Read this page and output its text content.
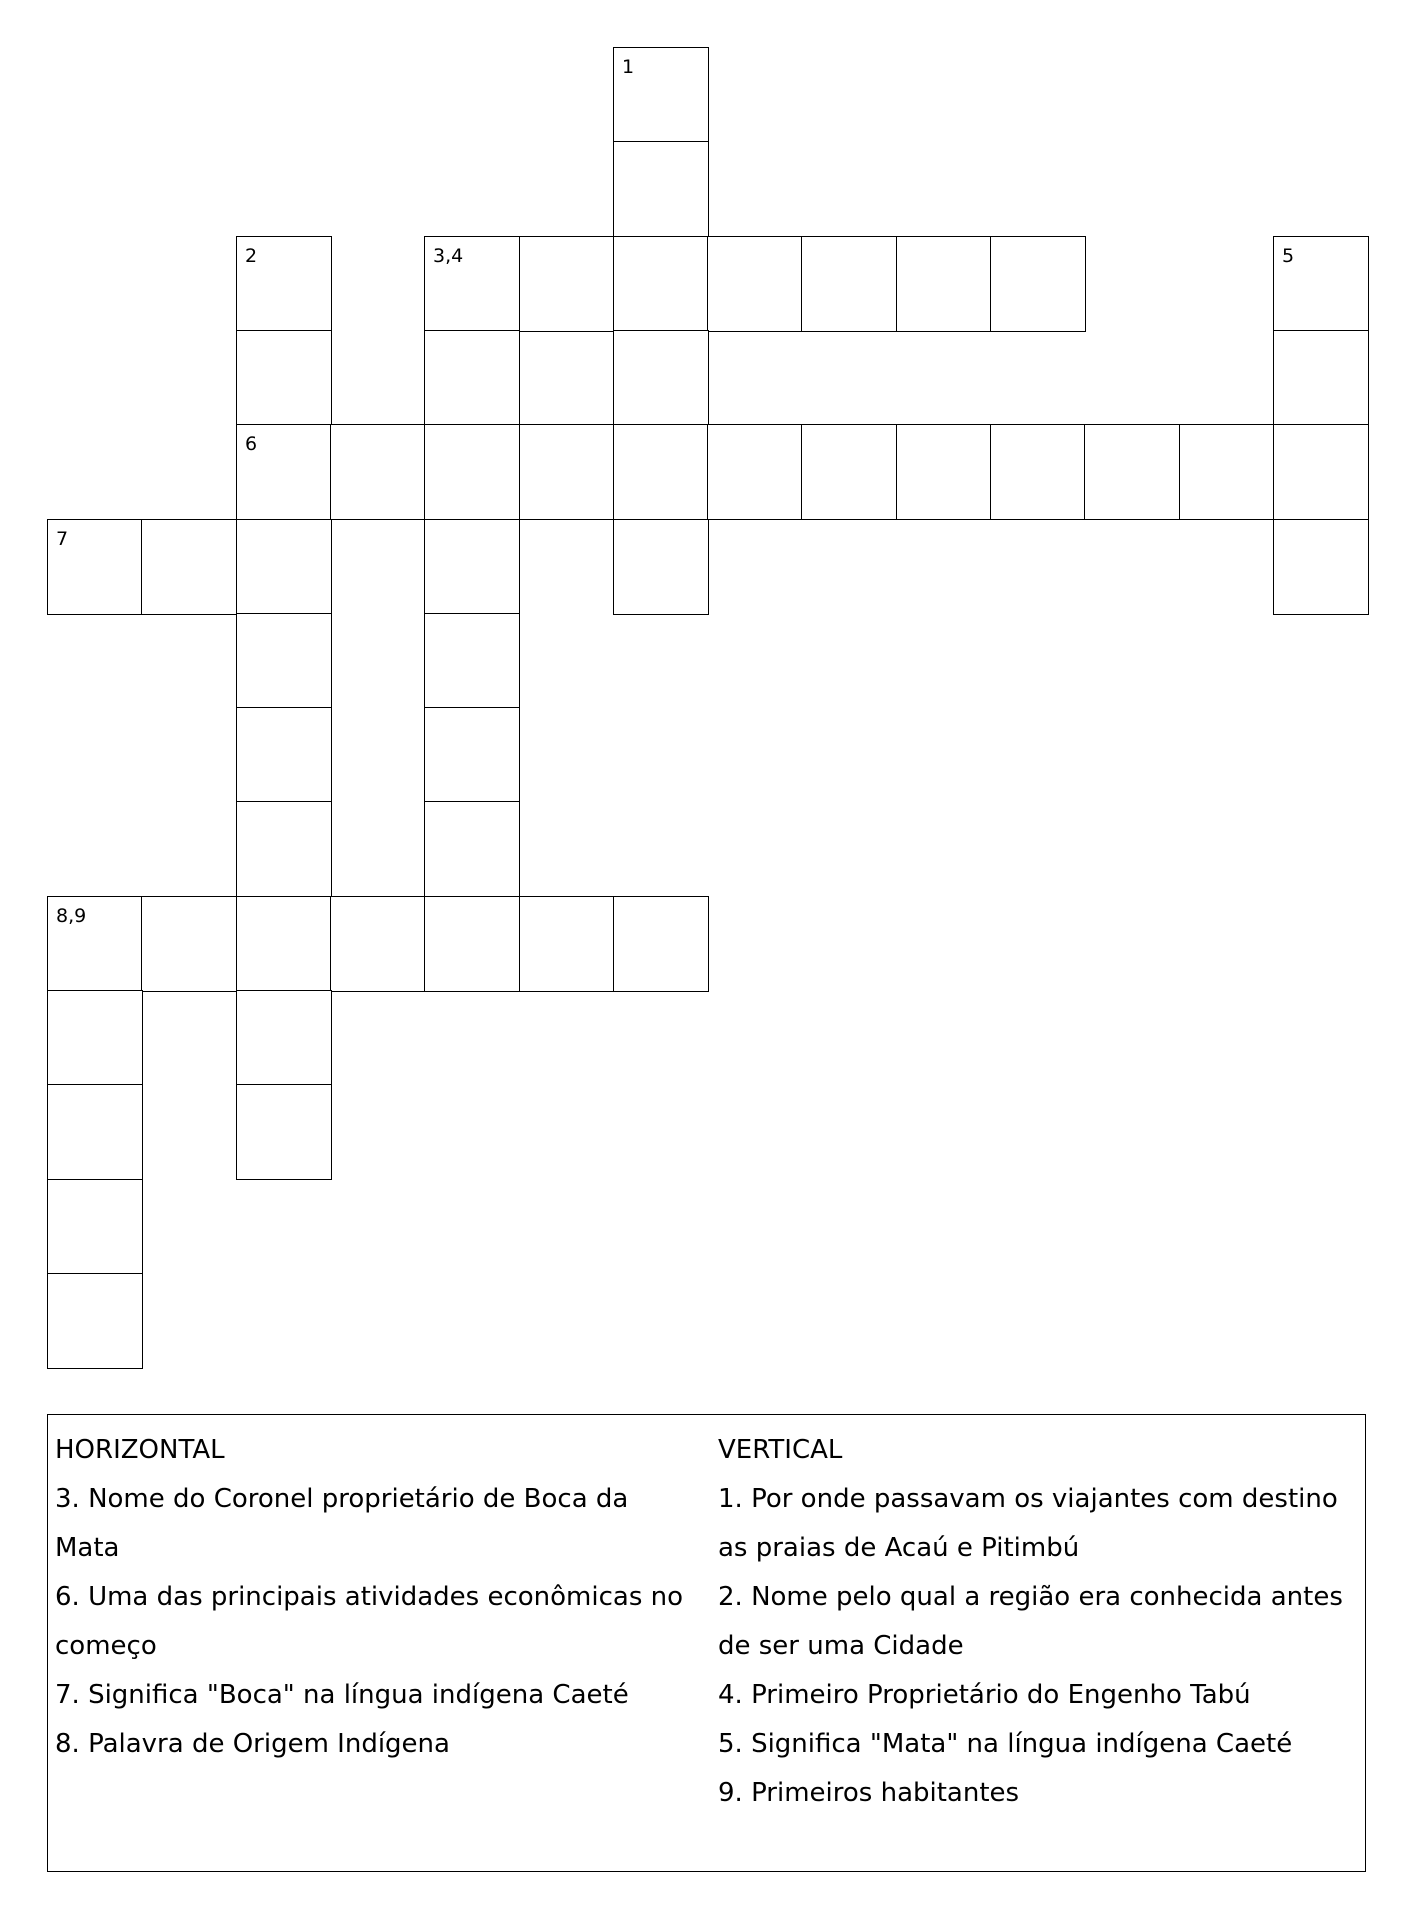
1
2	3,4	5
6
7
8,9
HORIZONTAL
3. Nome do Coronel proprietário de Boca da
Mata
6. Uma das principais atividades econômicas no
começo
7. Significa "Boca" na língua indígena Caeté
8. Palavra de Origem Indígena
VERTICAL
1. Por onde passavam os viajantes com destino
as praias de Acaú e Pitimbú
2. Nome pelo qual a região era conhecida antes
de ser uma Cidade
4. Primeiro Proprietário do Engenho Tabú
5. Significa "Mata" na língua indígena Caeté
9. Primeiros habitantes
